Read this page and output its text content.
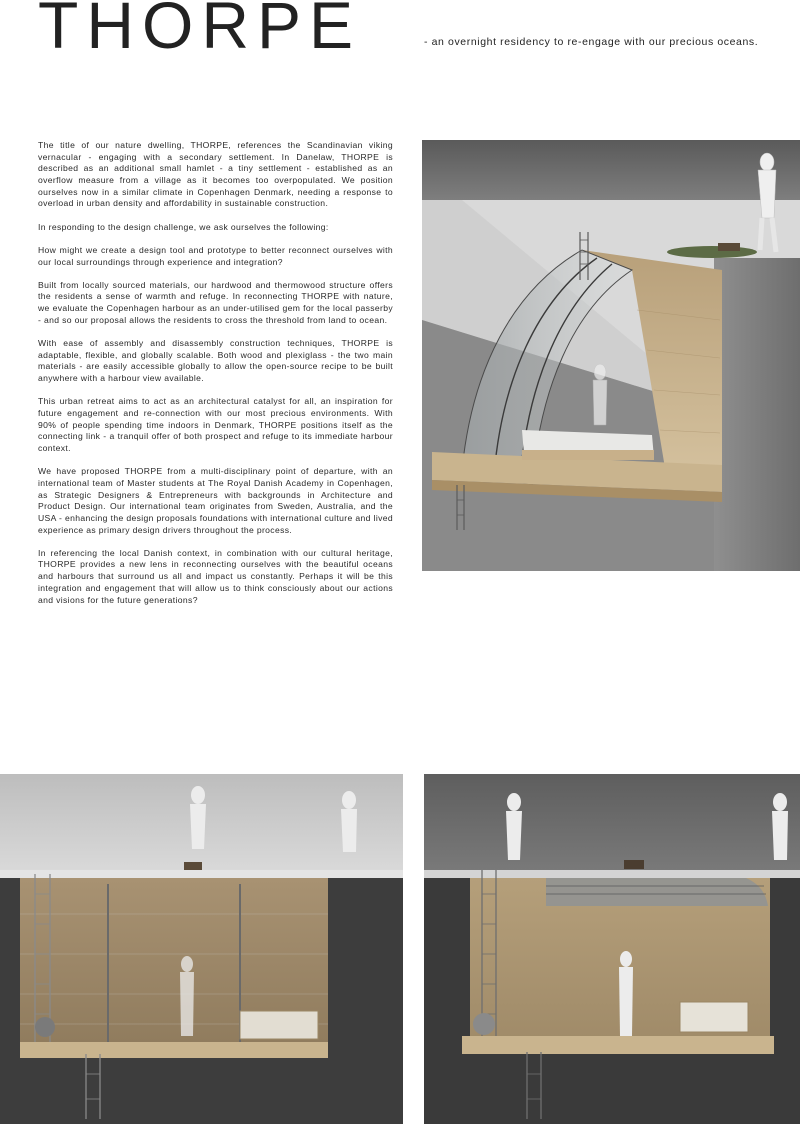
THORPE	- an overnight residency to re-engage with our precious oceans.

The title of our nature dwelling, THORPE, references the Scandinavian viking vernacular - engaging with a secondary settlement. In Danelaw, THORPE is described as an additional small hamlet - a tiny settlement - established as an overflow measure from a village as it becomes too overpopulated. We position ourselves now in a similar climate in Copenhagen Denmark, needing a response to overload in urban density and affordability in sustainable construction.

In responding to the design challenge, we ask ourselves the following:

How might we create a design tool and prototype to better reconnect ourselves with our local surroundings through experience and integration?

Built from locally sourced materials, our hardwood and thermowood structure offers the residents a sense of warmth and refuge. In reconnecting THORPE with nature, we evaluate the Copenhagen harbour as an under-utilised gem for the local passerby - and so our proposal allows the residents to cross the threshold from land to ocean.

With ease of assembly and disassembly construction techniques, THORPE is adaptable, flexible, and globally scalable. Both wood and plexiglass - the two main materials - are easily accessible globally to allow the open-source recipe to be built anywhere with a harbour view available.

This urban retreat aims to act as an architectural catalyst for all, an inspiration for future engagement and re-connection with our most precious environments. With 90% of people spending time indoors in Denmark, THORPE positions itself as the connecting link - a tranquil offer of both prospect and refuge to its immediate harbour context.

We have proposed THORPE from a multi-disciplinary point of departure, with an international team of Master students at The Royal Danish Academy in Copenhagen, as Strategic Designers & Entrepreneurs with backgrounds in Architecture and Product Design. Our international team originates from Sweden, Australia, and the USA - enhancing the design proposals foundations with international culture and lived experience as primary design drivers throughout the process.

In referencing the local Danish context, in combination with our cultural heritage, THORPE provides a new lens in reconnecting ourselves with the beautiful oceans and harbours that surround us all and impact us constantly. Perhaps it will be this integration and engagement that will allow us to think consciously about our actions and visions for the future generations?
